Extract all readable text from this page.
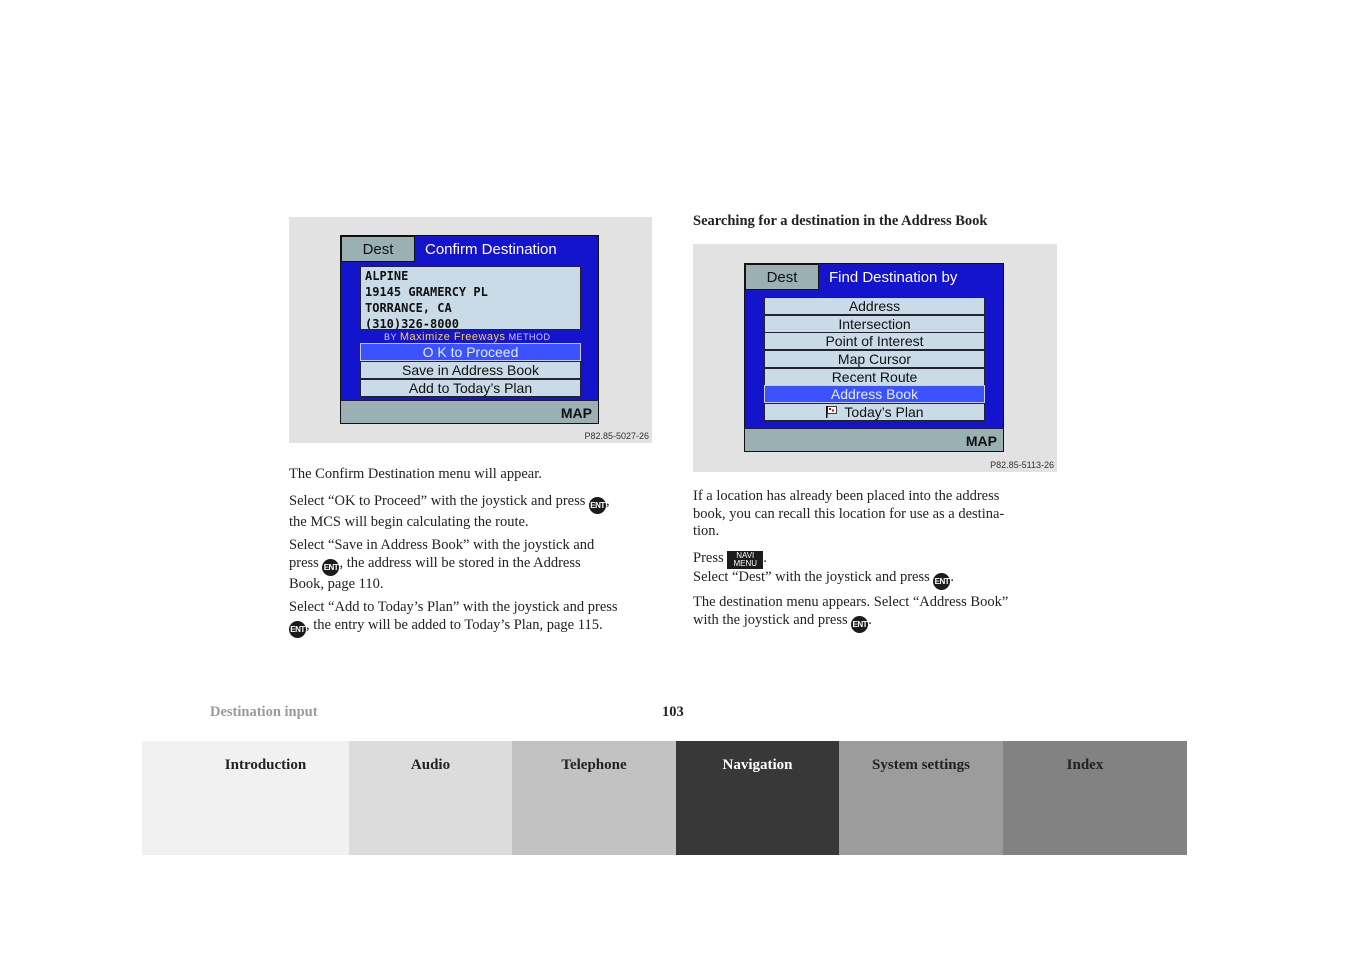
Dest	Confirm Destination
ALPINE
19145 GRAMERCY PL
TORRANCE, CA
(310)326-8000
BY Maximize Freeways METHOD
O K to Proceed
Save in Address Book
Add to Today’s Plan
MAP
P82.85-5027-26
Searching for a destination in the Address Book
Dest	Find Destination by
Address
Intersection
Point of Interest
Map Cursor
Recent Route
Address Book
Today’s Plan
MAP
P82.85-5113-26
The Confirm Destination menu will appear.
Select “OK to Proceed” with the joystick and press ENT,
the MCS will begin calculating the route.
Select “Save in Address Book” with the joystick and
press ENT, the address will be stored in the Address
Book, page 110.
Select “Add to Today’s Plan” with the joystick and press
ENT, the entry will be added to Today’s Plan, page 115.
If a location has already been placed into the address
book, you can recall this location for use as a destina-
tion.
Press	NAVI
MENU .
Select “Dest” with the joystick and press ENT.
The destination menu appears. Select “Address Book”
with the joystick and press ENT.
Destination input	103
Introduction	Audio	Telephone	Navigation	System settings	Index
